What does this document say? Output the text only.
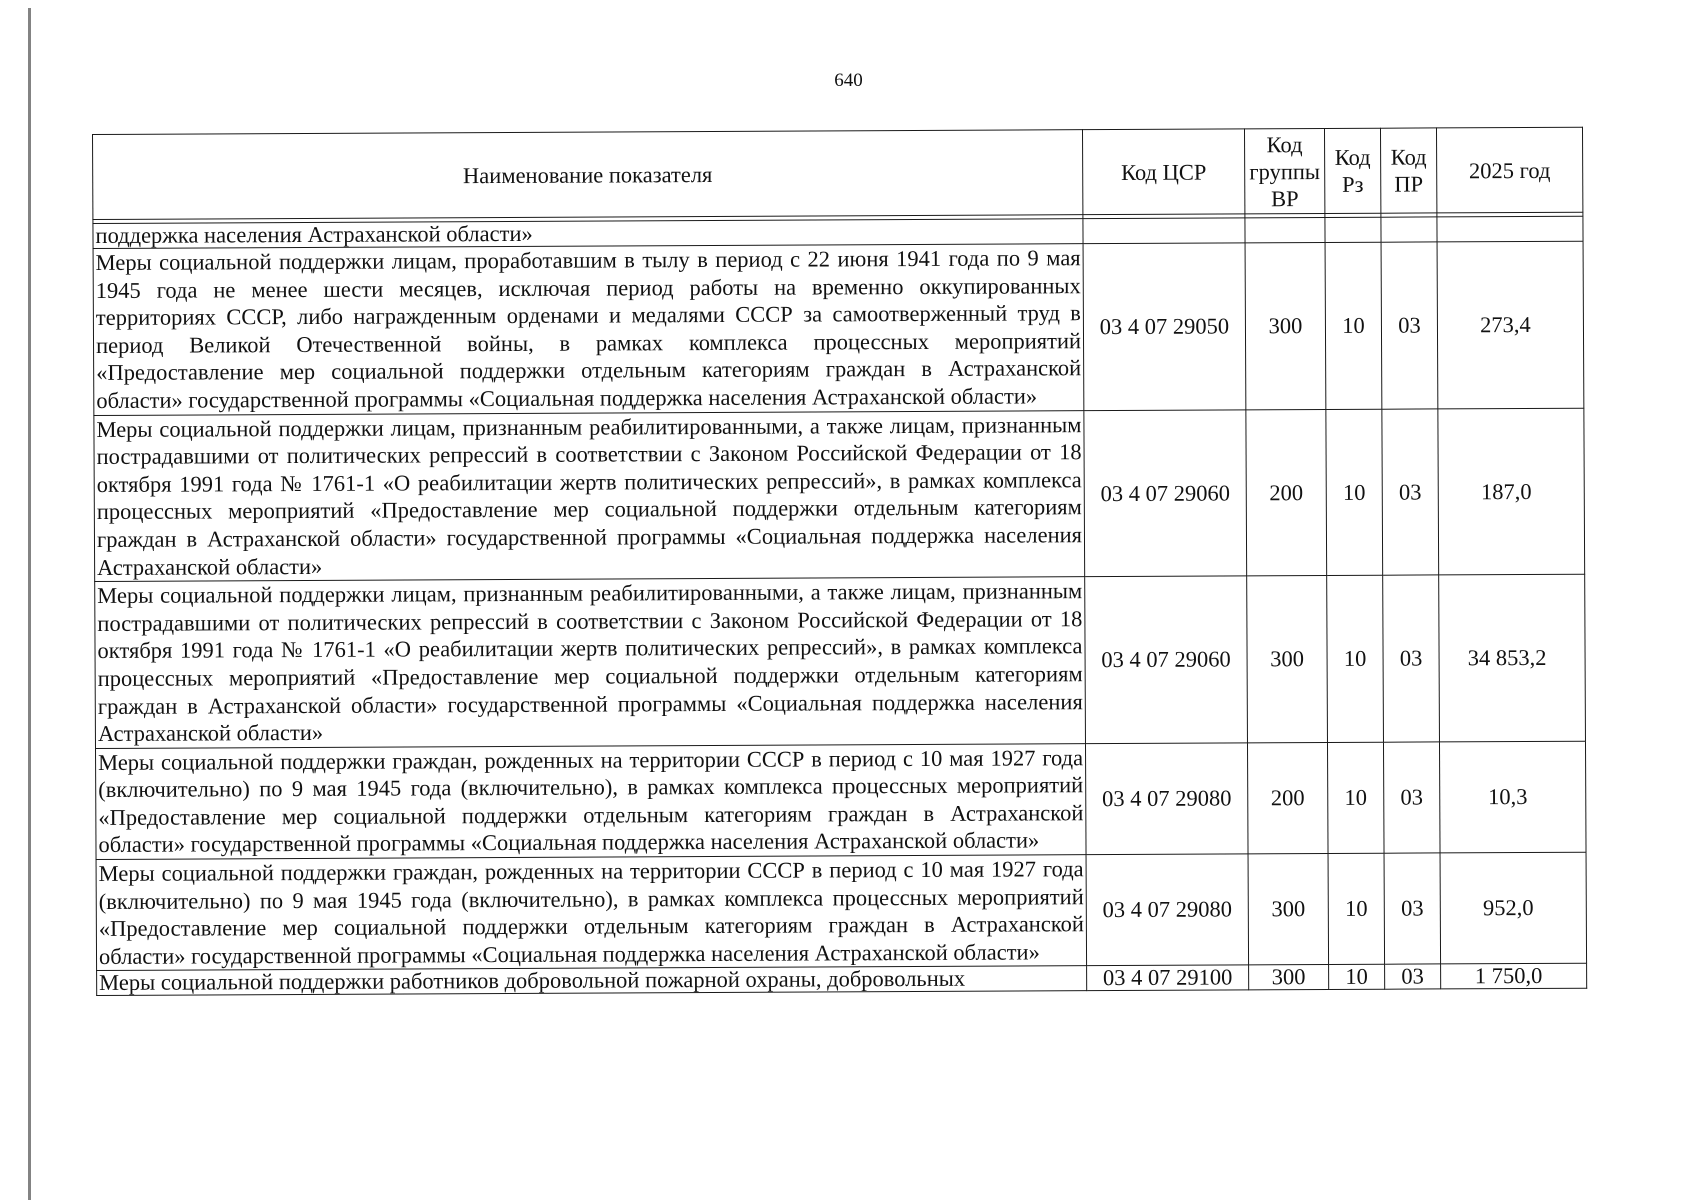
640
Наименование показателя	Код ЦСР	Код группы ВР	Код Рз	Код ПР	2025 год

поддержка населения Астраханской области»					
Меры социальной поддержки лицам, проработавшим в тылу в период с 22 июня 1941 года по 9 мая 1945 года не менее шести месяцев, исключая период работы на временно оккупированных территориях СССР, либо награжденным орденами и медалями СССР за самоотверженный труд в период Великой Отечественной войны, в рамках комплекса процессных мероприятий «Предоставление мер социальной поддержки отдельным категориям граждан в Астраханской области» государственной программы «Социальная поддержка населения Астраханской области»	03 4 07 29050	300	10	03	273,4
Меры социальной поддержки лицам, признанным реабилитированными, а также лицам, признанным пострадавшими от политических репрессий в соответствии с Законом Российской Федерации от 18 октября 1991 года № 1761-1 «О реабилитации жертв политических репрессий», в рамках комплекса процессных мероприятий «Предоставление мер социальной поддержки отдельным категориям граждан в Астраханской области» государственной программы «Социальная поддержка населения Астраханской области»	03 4 07 29060	200	10	03	187,0
Меры социальной поддержки лицам, признанным реабилитированными, а также лицам, признанным пострадавшими от политических репрессий в соответствии с Законом Российской Федерации от 18 октября 1991 года № 1761-1 «О реабилитации жертв политических репрессий», в рамках комплекса процессных мероприятий «Предоставление мер социальной поддержки отдельным категориям граждан в Астраханской области» государственной программы «Социальная поддержка населения Астраханской области»	03 4 07 29060	300	10	03	34 853,2
Меры социальной поддержки граждан, рожденных на территории СССР в период с 10 мая 1927 года (включительно) по 9 мая 1945 года (включительно), в рамках комплекса процессных мероприятий «Предоставление мер социальной поддержки отдельным категориям граждан в Астраханской области» государственной программы «Социальная поддержка населения Астраханской области»	03 4 07 29080	200	10	03	10,3
Меры социальной поддержки граждан, рожденных на территории СССР в период с 10 мая 1927 года (включительно) по 9 мая 1945 года (включительно), в рамках комплекса процессных мероприятий «Предоставление мер социальной поддержки отдельным категориям граждан в Астраханской области» государственной программы «Социальная поддержка населения Астраханской области»	03 4 07 29080	300	10	03	952,0
Меры социальной поддержки работников добровольной пожарной охраны, добровольных	03 4 07 29100	300	10	03	1 750,0
